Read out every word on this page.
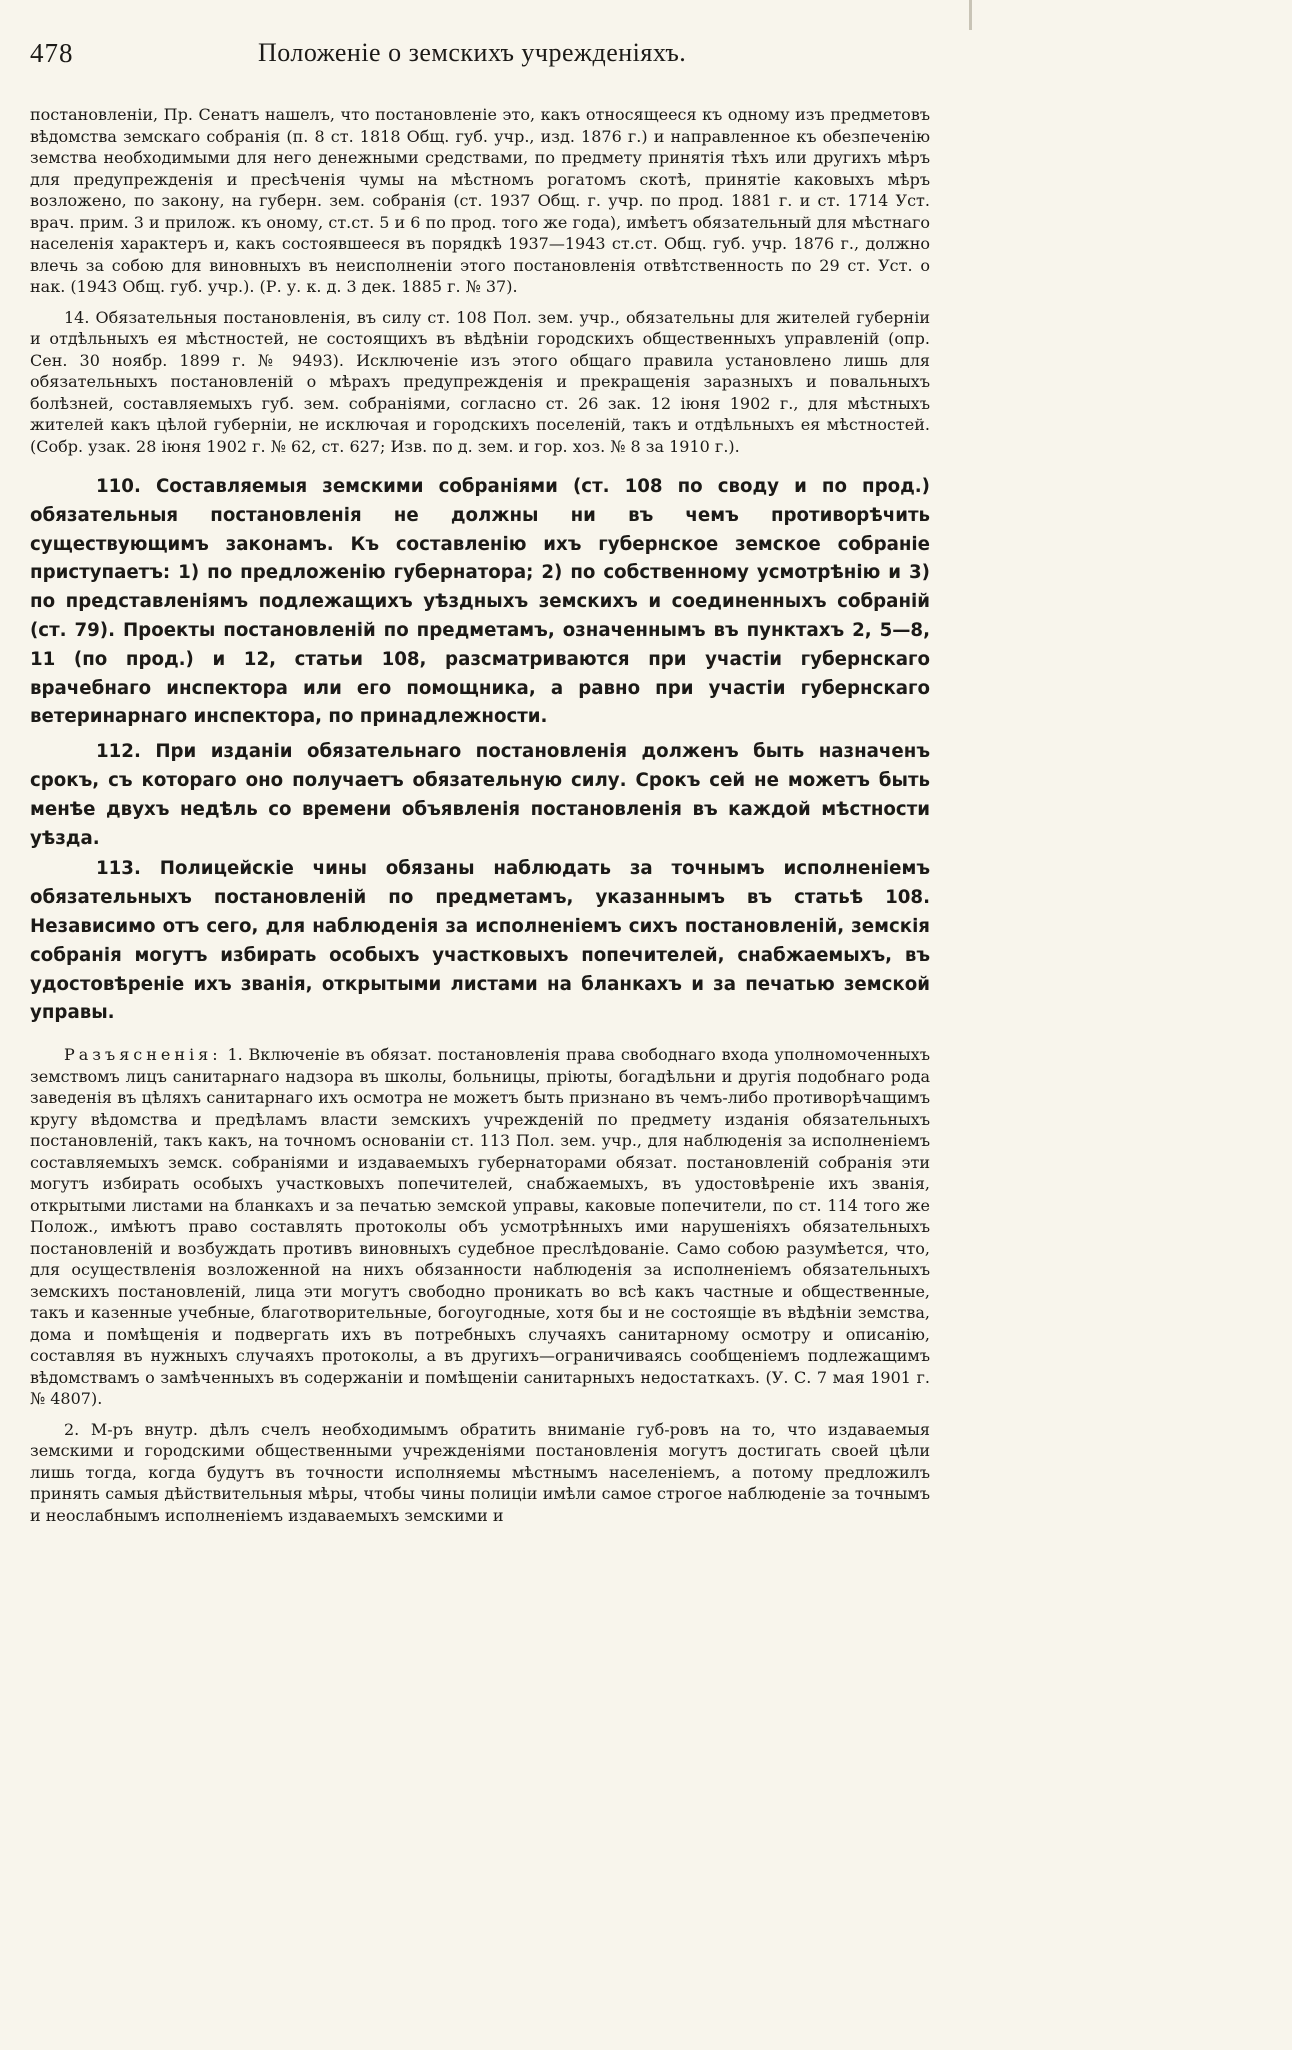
478	Положеніе о земскихъ учрежденіяхъ.

постановленіи, Пр. Сенатъ нашелъ, что постановленіе это, какъ относящееся къ одному изъ предметовъ вѣдомства земскаго собранія (п. 8 ст. 1818 Общ. губ. учр., изд. 1876 г.) и направленное къ обезпеченію земства необходимыми для него денежными средствами, по предмету принятія тѣхъ или другихъ мѣръ для предупрежденія и пресѣченія чумы на мѣстномъ рогатомъ скотѣ, принятіе каковыхъ мѣръ возложено, по закону, на губерн. зем. собранія (ст. 1937 Общ. г. учр. по прод. 1881 г. и ст. 1714 Уст. врач. прим. 3 и прилож. къ оному, ст.ст. 5 и 6 по прод. того же года), имѣетъ обязательный для мѣстнаго населенія характеръ и, какъ состоявшееся въ порядкѣ 1937—1943 ст.ст. Общ. губ. учр. 1876 г., должно влечь за собою для виновныхъ въ неисполненіи этого постановленія отвѣтственность по 29 ст. Уст. о нак. (1943 Общ. губ. учр.). (Р. у. к. д. 3 дек. 1885 г. № 37).

14. Обязательныя постановленія, въ силу ст. 108 Пол. зем. учр., обязательны для жителей губерніи и отдѣльныхъ ея мѣстностей, не состоящихъ въ вѣдѣніи городскихъ общественныхъ управленій (опр. Сен. 30 ноябр. 1899 г. № 9493). Исключеніе изъ этого общаго правила установлено лишь для обязательныхъ постановленій о мѣрахъ предупрежденія и прекращенія заразныхъ и повальныхъ болѣзней, составляемыхъ губ. зем. собраніями, согласно ст. 26 зак. 12 іюня 1902 г., для мѣстныхъ жителей какъ цѣлой губерніи, не исключая и городскихъ поселеній, такъ и отдѣльныхъ ея мѣстностей. (Собр. узак. 28 іюня 1902 г. № 62, ст. 627; Изв. по д. зем. и гор. хоз. № 8 за 1910 г.).

110. Составляемыя земскими собраніями (ст. 108 по своду и по прод.) обязательныя постановленія не должны ни въ чемъ противорѣчить существующимъ законамъ. Къ составленію ихъ губернское земское собраніе приступаетъ: 1) по предложенію губернатора; 2) по собственному усмотрѣнію и 3) по представленіямъ подлежащихъ уѣздныхъ земскихъ и соединенныхъ собраній (ст. 79). Проекты постановленій по предметамъ, означеннымъ въ пунктахъ 2, 5—8, 11 (по прод.) и 12, статьи 108, разсматриваются при участіи губернскаго врачебнаго инспектора или его помощника, а равно при участіи губернскаго ветеринарнаго инспектора, по принадлежности.

112. При изданіи обязательнаго постановленія долженъ быть назначенъ срокъ, съ котораго оно получаетъ обязательную силу. Срокъ сей не можетъ быть менѣе двухъ недѣль со времени объявленія постановленія въ каждой мѣстности уѣзда.

113. Полицейскіе чины обязаны наблюдать за точнымъ исполненіемъ обязательныхъ постановленій по предметамъ, указаннымъ въ статьѣ 108. Независимо отъ сего, для наблюденія за исполненіемъ сихъ постановленій, земскія собранія могутъ избирать особыхъ участковыхъ попечителей, снабжаемыхъ, въ удостовѣреніе ихъ званія, открытыми листами на бланкахъ и за печатью земской управы.

Разъясненія: 1. Включеніе въ обязат. постановленія права свободнаго входа уполномоченныхъ земствомъ лицъ санитарнаго надзора въ школы, больницы, пріюты, богадѣльни и другія подобнаго рода заведенія въ цѣляхъ санитарнаго ихъ осмотра не можетъ быть признано въ чемъ-либо противорѣчащимъ кругу вѣдомства и предѣламъ власти земскихъ учрежденій по предмету изданія обязательныхъ постановленій, такъ какъ, на точномъ основаніи ст. 113 Пол. зем. учр., для наблюденія за исполненіемъ составляемыхъ земск. собраніями и издаваемыхъ губернаторами обязат. постановленій собранія эти могутъ избирать особыхъ участковыхъ попечителей, снабжаемыхъ, въ удостовѣреніе ихъ званія, открытыми листами на бланкахъ и за печатью земской управы, каковые попечители, по ст. 114 того же Полож., имѣютъ право составлять протоколы объ усмотрѣнныхъ ими нарушеніяхъ обязательныхъ постановленій и возбуждать противъ виновныхъ судебное преслѣдованіе. Само собою разумѣется, что, для осуществленія возложенной на нихъ обязанности наблюденія за исполненіемъ обязательныхъ земскихъ постановленій, лица эти могутъ свободно проникать во всѣ какъ частные и общественные, такъ и казенные учебные, благотворительные, богоугодные, хотя бы и не состоящіе въ вѣдѣніи земства, дома и помѣщенія и подвергать ихъ въ потребныхъ случаяхъ санитарному осмотру и описанію, составляя въ нужныхъ случаяхъ протоколы, а въ другихъ—ограничиваясь сообщеніемъ подлежащимъ вѣдомствамъ о замѣченныхъ въ содержаніи и помѣщеніи санитарныхъ недостаткахъ. (У. С. 7 мая 1901 г. № 4807).

2. М-ръ внутр. дѣлъ счелъ необходимымъ обратить вниманіе губ-ровъ на то, что издаваемыя земскими и городскими общественными учрежденіями постановленія могутъ достигать своей цѣли лишь тогда, когда будутъ въ точности исполняемы мѣстнымъ населеніемъ, а потому предложилъ принять самыя дѣйствительныя мѣры, чтобы чины полиціи имѣли самое строгое наблюденіе за точнымъ и неослабнымъ исполненіемъ издаваемыхъ земскими и
